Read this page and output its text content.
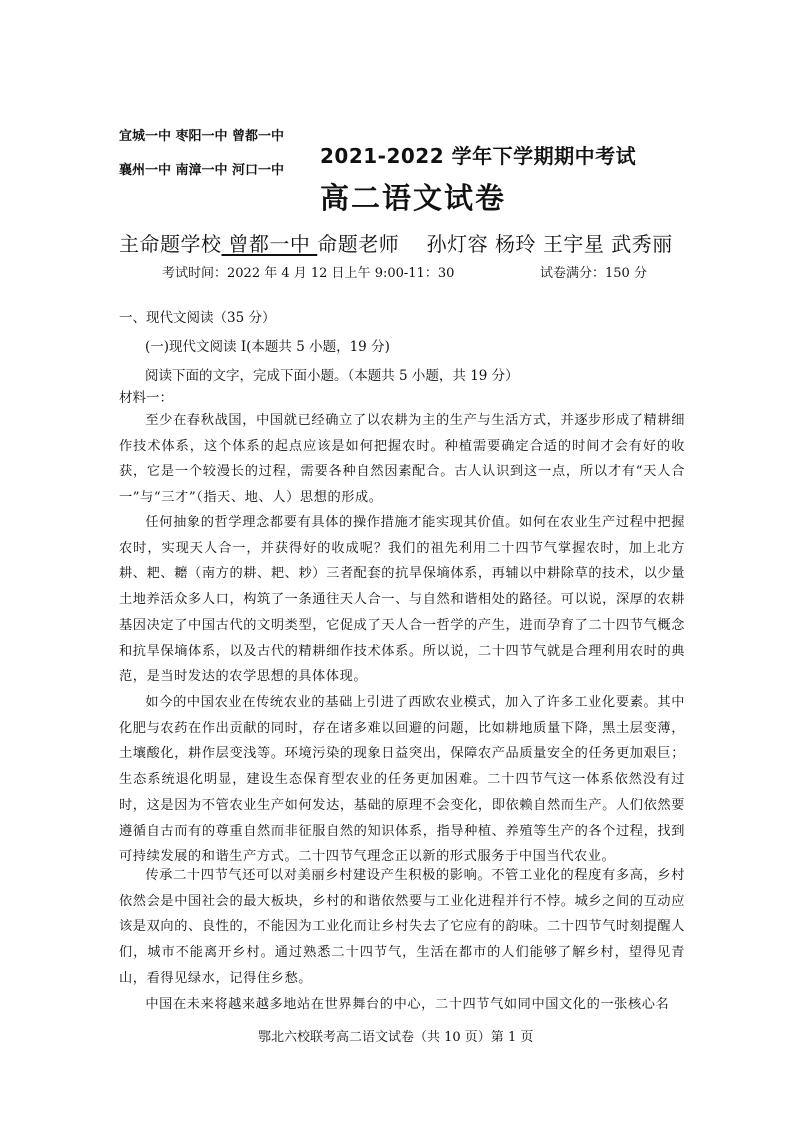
宜城一中 枣阳一中 曾都一中
襄州一中 南漳一中 河口一中
2021-2022 学年下学期期中考试
高二语文试卷
主命题学校 曾都一中 命题老师 孙灯容 杨玲 王宇星 武秀丽
考试时间：2022 年 4 月 12 日上午 9:00-11：30	试卷满分：150 分
一、现代文阅读（35 分）
(一)现代文阅读 I(本题共 5 小题，19 分)
阅读下面的文字，完成下面小题。（本题共 5 小题，共 19 分）
材料一：

至少在春秋战国，中国就已经确立了以农耕为主的生产与生活方式，并逐步形成了精耕细作技术体系，这个体系的起点应该是如何把握农时。种植需要确定合适的时间才会有好的收获，它是一个较漫长的过程，需要各种自然因素配合。古人认识到这一点，所以才有“天人合一”与“三才”（指天、地、人）思想的形成。

任何抽象的哲学理念都要有具体的操作措施才能实现其价值。如何在农业生产过程中把握农时，实现天人合一，并获得好的收成呢？我们的祖先利用二十四节气掌握农时，加上北方耕、耙、耱（南方的耕、耙、耖）三者配套的抗旱保墒体系，再辅以中耕除草的技术，以少量土地养活众多人口，构筑了一条通往天人合一、与自然和谐相处的路径。可以说，深厚的农耕基因决定了中国古代的文明类型，它促成了天人合一哲学的产生，进而孕育了二十四节气概念和抗旱保墒体系，以及古代的精耕细作技术体系。所以说，二十四节气就是合理利用农时的典范，是当时发达的农学思想的具体体现。

如今的中国农业在传统农业的基础上引进了西欧农业模式，加入了许多工业化要素。其中化肥与农药在作出贡献的同时，存在诸多难以回避的问题，比如耕地质量下降，黑土层变薄，土壤酸化，耕作层变浅等。环境污染的现象日益突出，保障农产品质量安全的任务更加艰巨；生态系统退化明显，建设生态保育型农业的任务更加困难。二十四节气这一体系依然没有过时，这是因为不管农业生产如何发达，基础的原理不会变化，即依赖自然而生产。人们依然要遵循自古而有的尊重自然而非征服自然的知识体系，指导种植、养殖等生产的各个过程，找到可持续发展的和谐生产方式。二十四节气理念正以新的形式服务于中国当代农业。

传承二十四节气还可以对美丽乡村建设产生积极的影响。不管工业化的程度有多高，乡村依然会是中国社会的最大板块，乡村的和谐依然要与工业化进程并行不悖。城乡之间的互动应该是双向的、良性的，不能因为工业化而让乡村失去了它应有的韵味。二十四节气时刻提醒人们，城市不能离开乡村。通过熟悉二十四节气，生活在都市的人们能够了解乡村，望得见青山，看得见绿水，记得住乡愁。

中国在未来将越来越多地站在世界舞台的中心，二十四节气如同中国文化的一张核心名

鄂北六校联考高二语文试卷（共 10 页）第 1 页
